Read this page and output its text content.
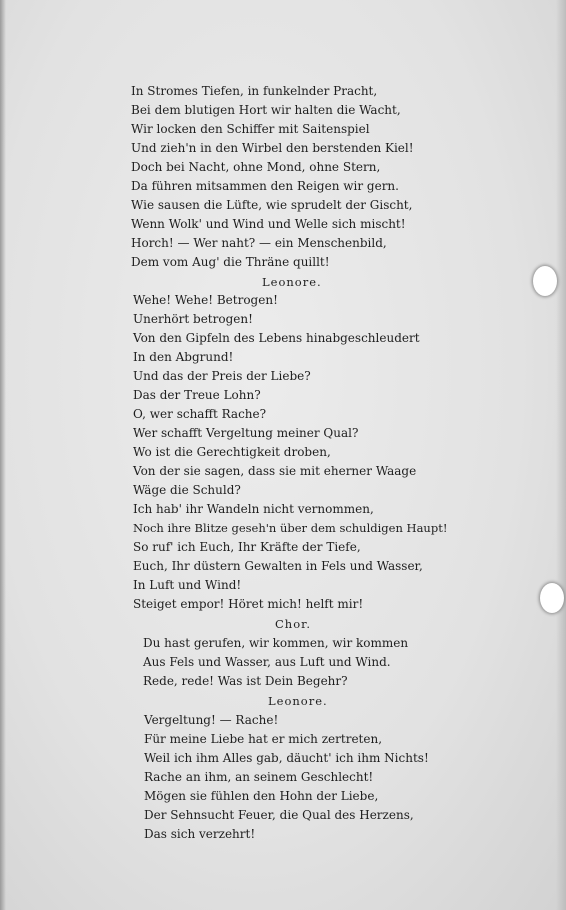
In Stromes Tiefen, in funkelnder Pracht,
Bei dem blutigen Hort wir halten die Wacht,
Wir locken den Schiffer mit Saitenspiel
Und zieh'n in den Wirbel den berstenden Kiel!
Doch bei Nacht, ohne Mond, ohne Stern,
Da führen mitsammen den Reigen wir gern.
Wie sausen die Lüfte, wie sprudelt der Gischt,
Wenn Wolk' und Wind und Welle sich mischt!
Horch! — Wer naht? — ein Menschenbild,
Dem vom Aug' die Thräne quillt!
Leonore.
Wehe! Wehe! Betrogen!
Unerhört betrogen!
Von den Gipfeln des Lebens hinabgeschleudert
In den Abgrund!
Und das der Preis der Liebe?
Das der Treue Lohn?
O, wer schafft Rache?
Wer schafft Vergeltung meiner Qual?
Wo ist die Gerechtigkeit droben,
Von der sie sagen, dass sie mit eherner Waage
Wäge die Schuld?
Ich hab' ihr Wandeln nicht vernommen,
Noch ihre Blitze geseh'n über dem schuldigen Haupt!
So ruf' ich Euch, Ihr Kräfte der Tiefe,
Euch, Ihr düstern Gewalten in Fels und Wasser,
In Luft und Wind!
Steiget empor! Höret mich! helft mir!
Chor.
Du hast gerufen, wir kommen, wir kommen
Aus Fels und Wasser, aus Luft und Wind.
Rede, rede! Was ist Dein Begehr?
Leonore.
Vergeltung! — Rache!
Für meine Liebe hat er mich zertreten,
Weil ich ihm Alles gab, däucht' ich ihm Nichts!
Rache an ihm, an seinem Geschlecht!
Mögen sie fühlen den Hohn der Liebe,
Der Sehnsucht Feuer, die Qual des Herzens,
Das sich verzehrt!
